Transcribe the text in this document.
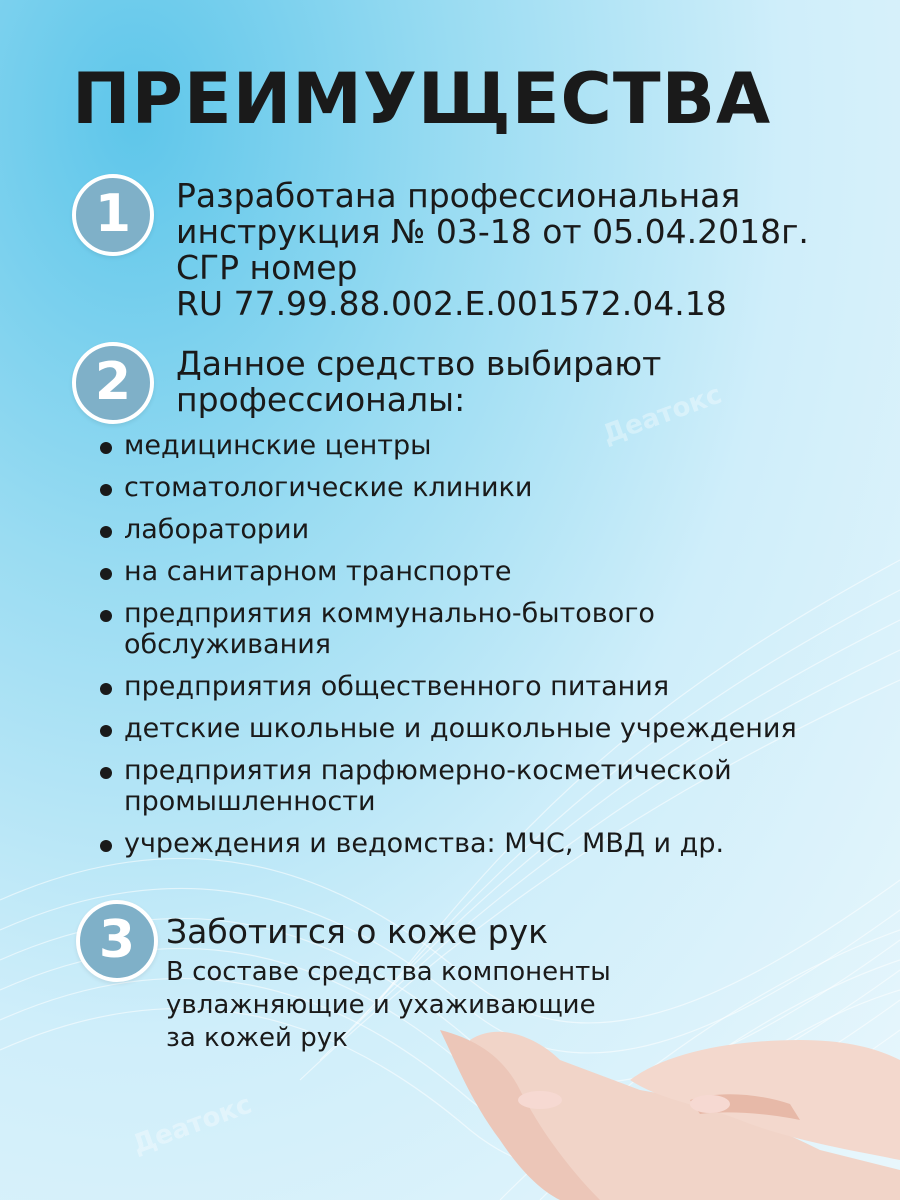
Деатокс
Деатокс
ПРЕИМУЩЕСТВА
1	Разработана профессиональная
инструкция № 03-18 от 05.04.2018г.
СГР номер
RU 77.99.88.002.Е.001572.04.18
2	Данное средство выбирают
профессионалы:
медицинские центры
стоматологические клиники
лаборатории
на санитарном транспорте
предприятия коммунально-бытового
обслуживания
предприятия общественного питания
детские школьные и дошкольные учреждения
предприятия парфюмерно-косметической
промышленности
учреждения и ведомства: МЧС, МВД и др.
3 Заботится о коже рук
В составе средства компоненты
увлажняющие и ухаживающие
за кожей рук
